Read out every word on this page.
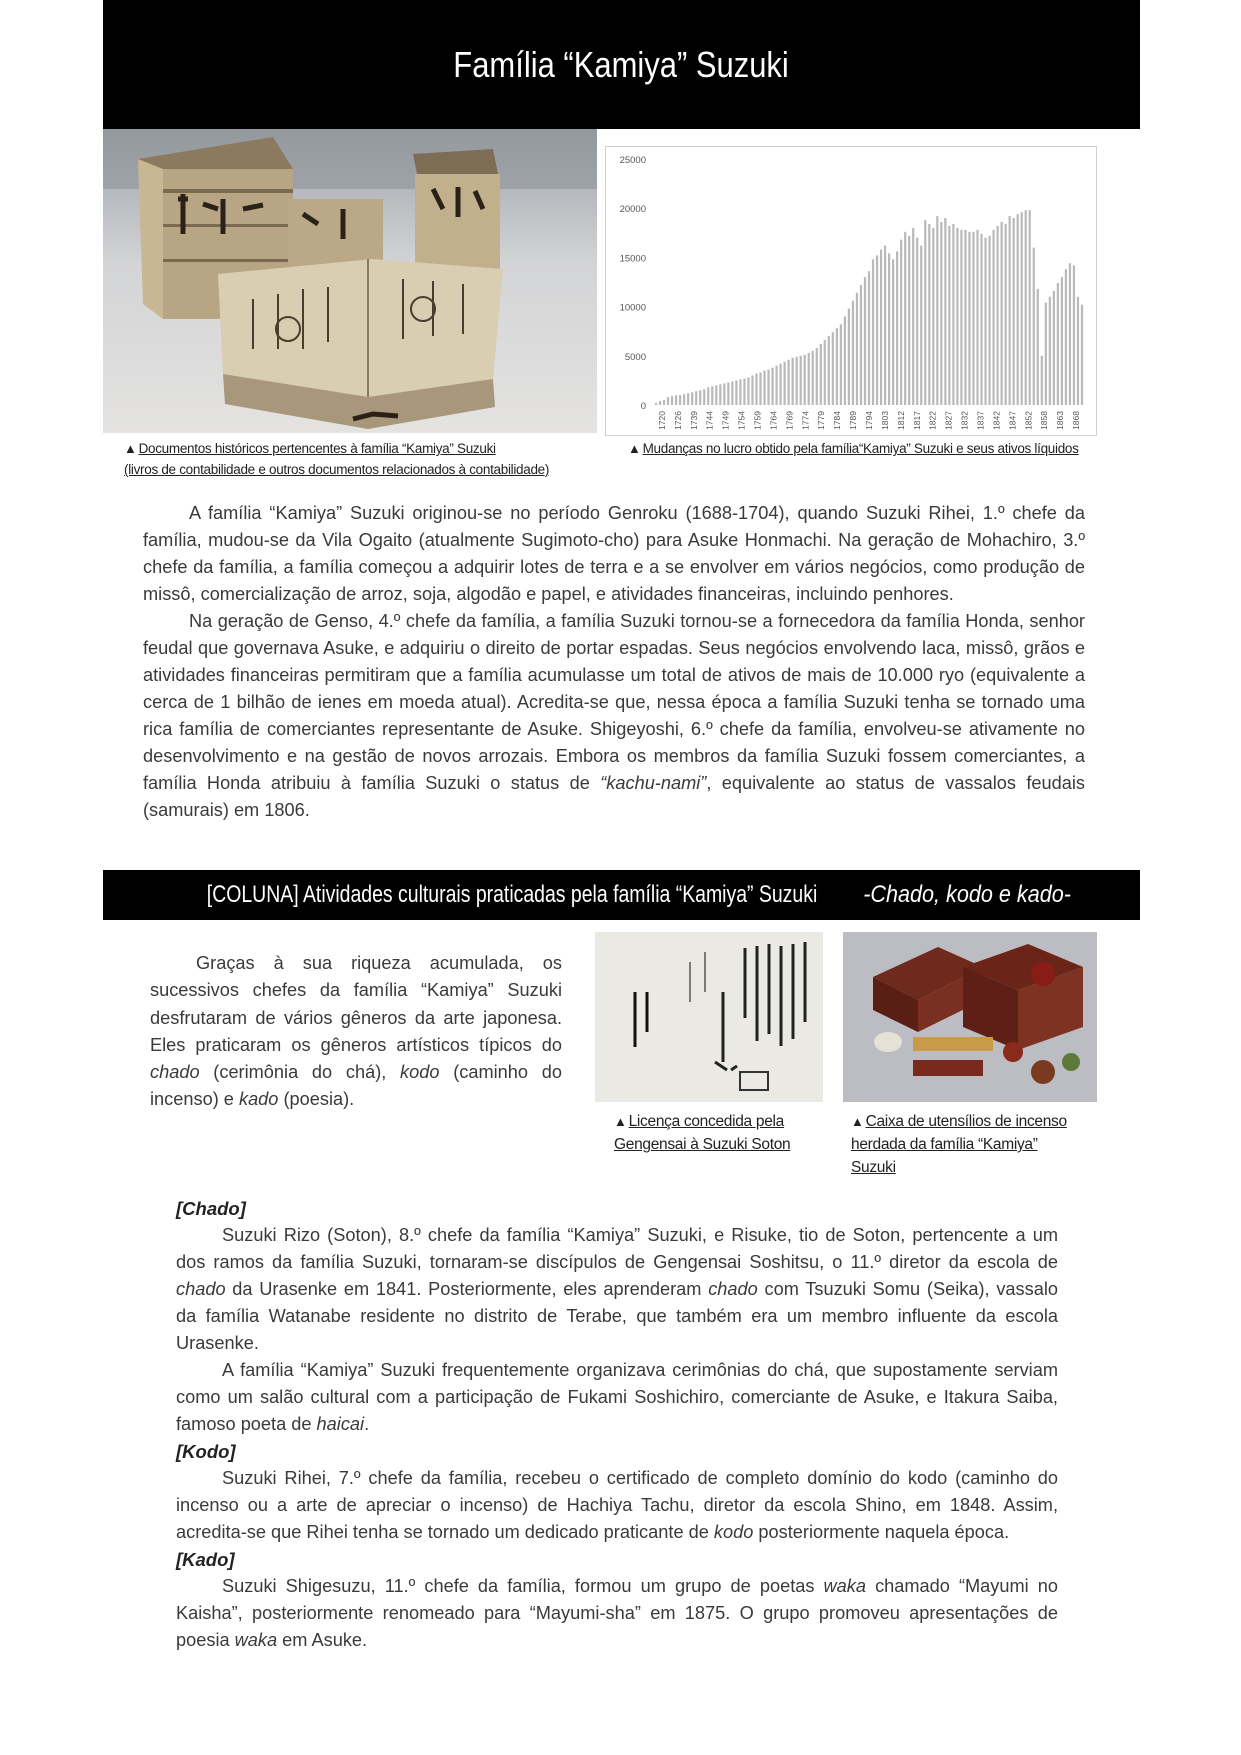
Família “Kamiya” Suzuki
0
5000
10000
15000
20000
25000
1720 1726 1739 1744 1749 1754 1759 1764 1769 1774 1779 1784 1789 1794 1803 1812 1817 1822 1827 1832 1837 1842 1847 1852 1858 1863 1868
▲ Documentos históricos pertencentes à família “Kamiya” Suzuki
(livros de contabilidade e outros documentos relacionados à contabilidade)
▲ Mudanças no lucro obtido pela família“Kamiya” Suzuki e seus ativos líquidos

A família “Kamiya” Suzuki originou-se no período Genroku (1688-1704), quando Suzuki Rihei, 1.º chefe da família, mudou-se da Vila Ogaito (atualmente Sugimoto-cho) para Asuke Honmachi. Na geração de Mohachiro, 3.º chefe da família, a família começou a adquirir lotes de terra e a se envolver em vários negócios, como produção de missô, comercialização de arroz, soja, algodão e papel, e atividades financeiras, incluindo penhores.

Na geração de Genso, 4.º chefe da família, a família Suzuki tornou-se a fornecedora da família Honda, senhor feudal que governava Asuke, e adquiriu o direito de portar espadas. Seus negócios envolvendo laca, missô, grãos e atividades financeiras permitiram que a família acumulasse um total de ativos de mais de 10.000 ryo (equivalente a cerca de 1 bilhão de ienes em moeda atual). Acredita-se que, nessa época a família Suzuki tenha se tornado uma rica família de comerciantes representante de Asuke. Shigeyoshi, 6.º chefe da família, envolveu-se ativamente no desenvolvimento e na gestão de novos arrozais. Embora os membros da família Suzuki fossem comerciantes, a família Honda atribuiu à família Suzuki o status de “kachu-nami”, equivalente ao status de vassalos feudais (samurais) em 1806.

[COLUNA] Atividades culturais praticadas pela família “Kamiya” Suzuki -Chado, kodo e kado-

Graças à sua riqueza acumulada, os sucessivos chefes da família “Kamiya” Suzuki desfrutaram de vários gêneros da arte japonesa. Eles praticaram os gêneros artísticos típicos do chado (cerimônia do chá), kodo (caminho do incenso) e kado (poesia).

▲ Licença concedida pela
Gengensai à Suzuki Soton
▲ Caixa de utensílios de incenso
herdada da família “Kamiya”
Suzuki

[Chado]

Suzuki Rizo (Soton), 8.º chefe da família “Kamiya” Suzuki, e Risuke, tio de Soton, pertencente a um dos ramos da família Suzuki, tornaram-se discípulos de Gengensai Soshitsu, o 11.º diretor da escola de chado da Urasenke em 1841. Posteriormente, eles aprenderam chado com Tsuzuki Somu (Seika), vassalo da família Watanabe residente no distrito de Terabe, que também era um membro influente da escola Urasenke.

A família “Kamiya” Suzuki frequentemente organizava cerimônias do chá, que supostamente serviam como um salão cultural com a participação de Fukami Soshichiro, comerciante de Asuke, e Itakura Saiba, famoso poeta de haicai.

[Kodo]

Suzuki Rihei, 7.º chefe da família, recebeu o certificado de completo domínio do kodo (caminho do incenso ou a arte de apreciar o incenso) de Hachiya Tachu, diretor da escola Shino, em 1848. Assim, acredita-se que Rihei tenha se tornado um dedicado praticante de kodo posteriormente naquela época.

[Kado]

Suzuki Shigesuzu, 11.º chefe da família, formou um grupo de poetas waka chamado “Mayumi no Kaisha”, posteriormente renomeado para “Mayumi-sha” em 1875. O grupo promoveu apresentações de poesia waka em Asuke.
